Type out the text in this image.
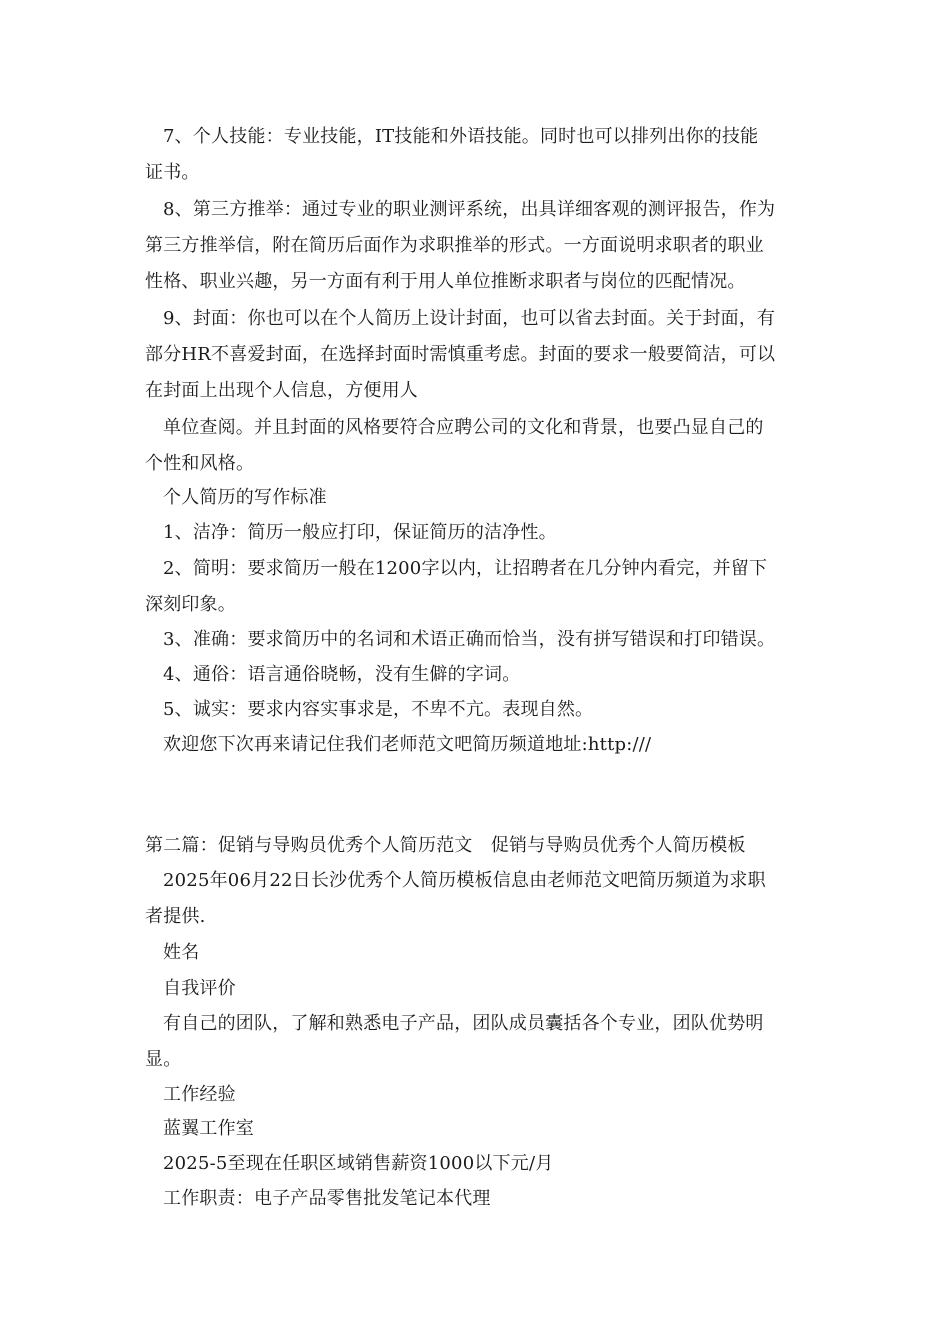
7、个人技能：专业技能，IT技能和外语技能。同时也可以排列出你的技能
证书。
8、第三方推举：通过专业的职业测评系统，出具详细客观的测评报告，作为
第三方推举信，附在简历后面作为求职推举的形式。一方面说明求职者的职业
性格、职业兴趣，另一方面有利于用人单位推断求职者与岗位的匹配情况。
9、封面：你也可以在个人简历上设计封面，也可以省去封面。关于封面，有
部分HR不喜爱封面，在选择封面时需慎重考虑。封面的要求一般要简洁，可以
在封面上出现个人信息，方便用人
单位查阅。并且封面的风格要符合应聘公司的文化和背景，也要凸显自己的
个性和风格。
个人简历的写作标准
1、洁净：简历一般应打印，保证简历的洁净性。
2、简明：要求简历一般在1200字以内，让招聘者在几分钟内看完，并留下
深刻印象。
3、准确：要求简历中的名词和术语正确而恰当，没有拼写错误和打印错误。
4、通俗：语言通俗晓畅，没有生僻的字词。
5、诚实：要求内容实事求是，不卑不亢。表现自然。
欢迎您下次再来请记住我们老师范文吧简历频道地址:http:///
第二篇：促销与导购员优秀个人简历范文　促销与导购员优秀个人简历模板
2025年06月22日长沙优秀个人简历模板信息由老师范文吧简历频道为求职
者提供.
姓名
自我评价
有自己的团队，了解和熟悉电子产品，团队成员囊括各个专业，团队优势明
显。
工作经验
蓝翼工作室
2025-5至现在任职区域销售薪资1000以下元/月
工作职责：电子产品零售批发笔记本代理
